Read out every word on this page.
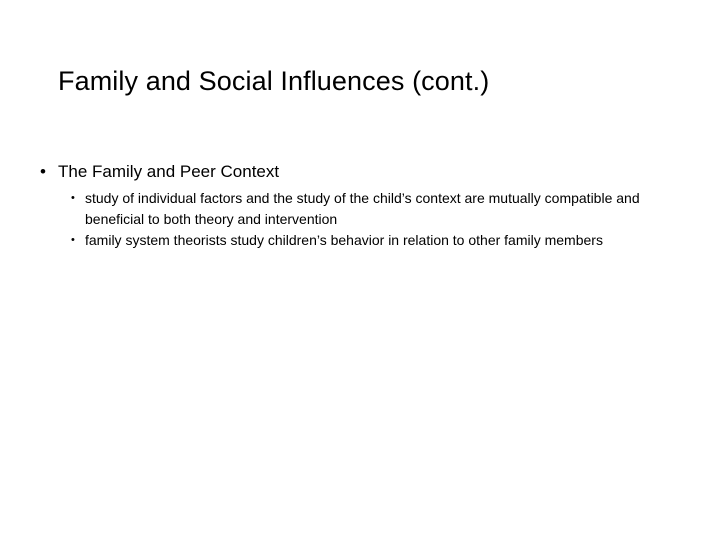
Family and Social Influences (cont.)
• The Family and Peer Context
• study of individual factors and the study of the child’s context are mutually compatible and beneficial to both theory and intervention
• family system theorists study children’s behavior in relation to other family members
